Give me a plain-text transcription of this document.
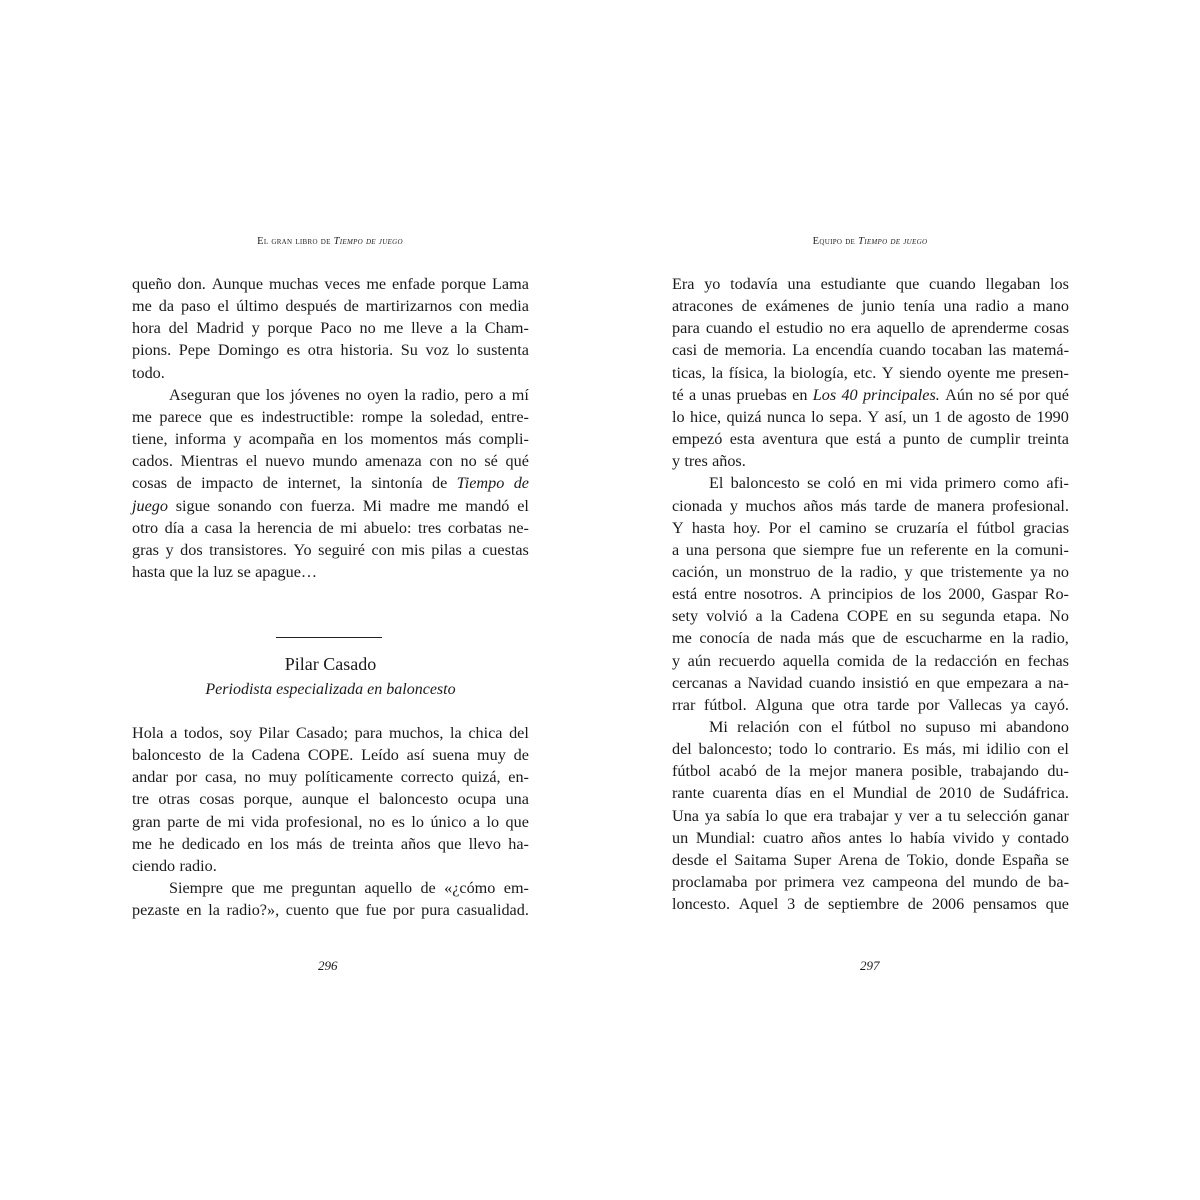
El gran libro de Tiempo de juego
queño don. Aunque muchas veces me enfade porque Lama
me da paso el último después de martirizarnos con media
hora del Madrid y porque Paco no me lleve a la Cham-
pions. Pepe Domingo es otra historia. Su voz lo sustenta
todo.
Aseguran que los jóvenes no oyen la radio, pero a mí
me parece que es indestructible: rompe la soledad, entre-
tiene, informa y acompaña en los momentos más compli-
cados. Mientras el nuevo mundo amenaza con no sé qué
cosas de impacto de internet, la sintonía de Tiempo de
juego sigue sonando con fuerza. Mi madre me mandó el
otro día a casa la herencia de mi abuelo: tres corbatas ne-
gras y dos transistores. Yo seguiré con mis pilas a cuestas
hasta que la luz se apague…
Pilar Casado
Periodista especializada en baloncesto
Hola a todos, soy Pilar Casado; para muchos, la chica del
baloncesto de la Cadena COPE. Leído así suena muy de
andar por casa, no muy políticamente correcto quizá, en-
tre otras cosas porque, aunque el baloncesto ocupa una
gran parte de mi vida profesional, no es lo único a lo que
me he dedicado en los más de treinta años que llevo ha-
ciendo radio.
Siempre que me preguntan aquello de «¿cómo em-
pezaste en la radio?», cuento que fue por pura casualidad.
296
Equipo de Tiempo de juego
Era yo todavía una estudiante que cuando llegaban los
atracones de exámenes de junio tenía una radio a mano
para cuando el estudio no era aquello de aprenderme cosas
casi de memoria. La encendía cuando tocaban las matemá-
ticas, la física, la biología, etc. Y siendo oyente me presen-
té a unas pruebas en Los 40 principales. Aún no sé por qué
lo hice, quizá nunca lo sepa. Y así, un 1 de agosto de 1990
empezó esta aventura que está a punto de cumplir treinta
y tres años.
El baloncesto se coló en mi vida primero como afi-
cionada y muchos años más tarde de manera profesional.
Y hasta hoy. Por el camino se cruzaría el fútbol gracias
a una persona que siempre fue un referente en la comuni-
cación, un monstruo de la radio, y que tristemente ya no
está entre nosotros. A principios de los 2000, Gaspar Ro-
sety volvió a la Cadena COPE en su segunda etapa. No
me conocía de nada más que de escucharme en la radio,
y aún recuerdo aquella comida de la redacción en fechas
cercanas a Navidad cuando insistió en que empezara a na-
rrar fútbol. Alguna que otra tarde por Vallecas ya cayó.
Mi relación con el fútbol no supuso mi abandono
del baloncesto; todo lo contrario. Es más, mi idilio con el
fútbol acabó de la mejor manera posible, trabajando du-
rante cuarenta días en el Mundial de 2010 de Sudáfrica.
Una ya sabía lo que era trabajar y ver a tu selección ganar
un Mundial: cuatro años antes lo había vivido y contado
desde el Saitama Super Arena de Tokio, donde España se
proclamaba por primera vez campeona del mundo de ba-
loncesto. Aquel 3 de septiembre de 2006 pensamos que
297
